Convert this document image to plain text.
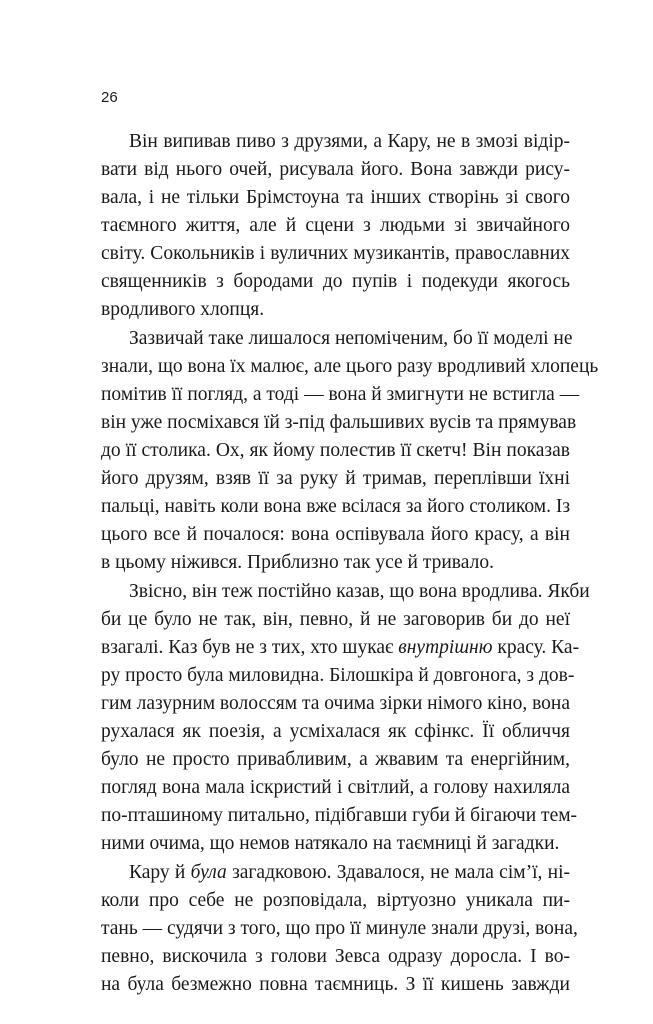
26
Він випивав пиво з друзями, а Кару, не в змозі відір-
вати від нього очей, рисувала його. Вона завжди рису-
вала, і не тільки Брімстоуна та інших створінь зі свого
таємного життя, але й сцени з людьми зі звичайного
світу. Сокольників і вуличних музикантів, православних
священників з бородами до пупів і подекуди якогось
вродливого хлопця.
Зазвичай таке лишалося непоміченим, бо її моделі не
знали, що вона їх малює, але цього разу вродливий хлопець
помітив її погляд, а тоді — вона й змигнути не встигла —
він уже посміхався їй з-під фальшивих вусів та прямував
до її столика. Ох, як йому полестив її скетч! Він показав
його друзям, взяв її за руку й тримав, переплівши їхні
пальці, навіть коли вона вже всілася за його столиком. Із
цього все й почалося: вона оспівувала його красу, а він
в цьому ніжився. Приблизно так усе й тривало.
Звісно, він теж постійно казав, що вона вродлива. Якби
би це було не так, він, певно, й не заговорив би до неї
взагалі. Каз був не з тих, хто шукає внутрішню красу. Ка-
ру просто була миловидна. Білошкіра й довгонога, з дов-
гим лазурним волоссям та очима зірки німого кіно, вона
рухалася як поезія, а усміхалася як сфінкс. Її обличчя
було не просто привабливим, а жвавим та енергійним,
погляд вона мала іскристий і світлий, а голову нахиляла
по-пташиному питально, підібгавши губи й бігаючи тем-
ними очима, що немов натякало на таємниці й загадки.
Кару й була загадковою. Здавалося, не мала сім’ї, ні-
коли про себе не розповідала, віртуозно уникала пи-
тань — судячи з того, що про її минуле знали друзі, вона,
певно, вискочила з голови Зевса одразу доросла. І во-
на була безмежно повна таємниць. З її кишень завжди
